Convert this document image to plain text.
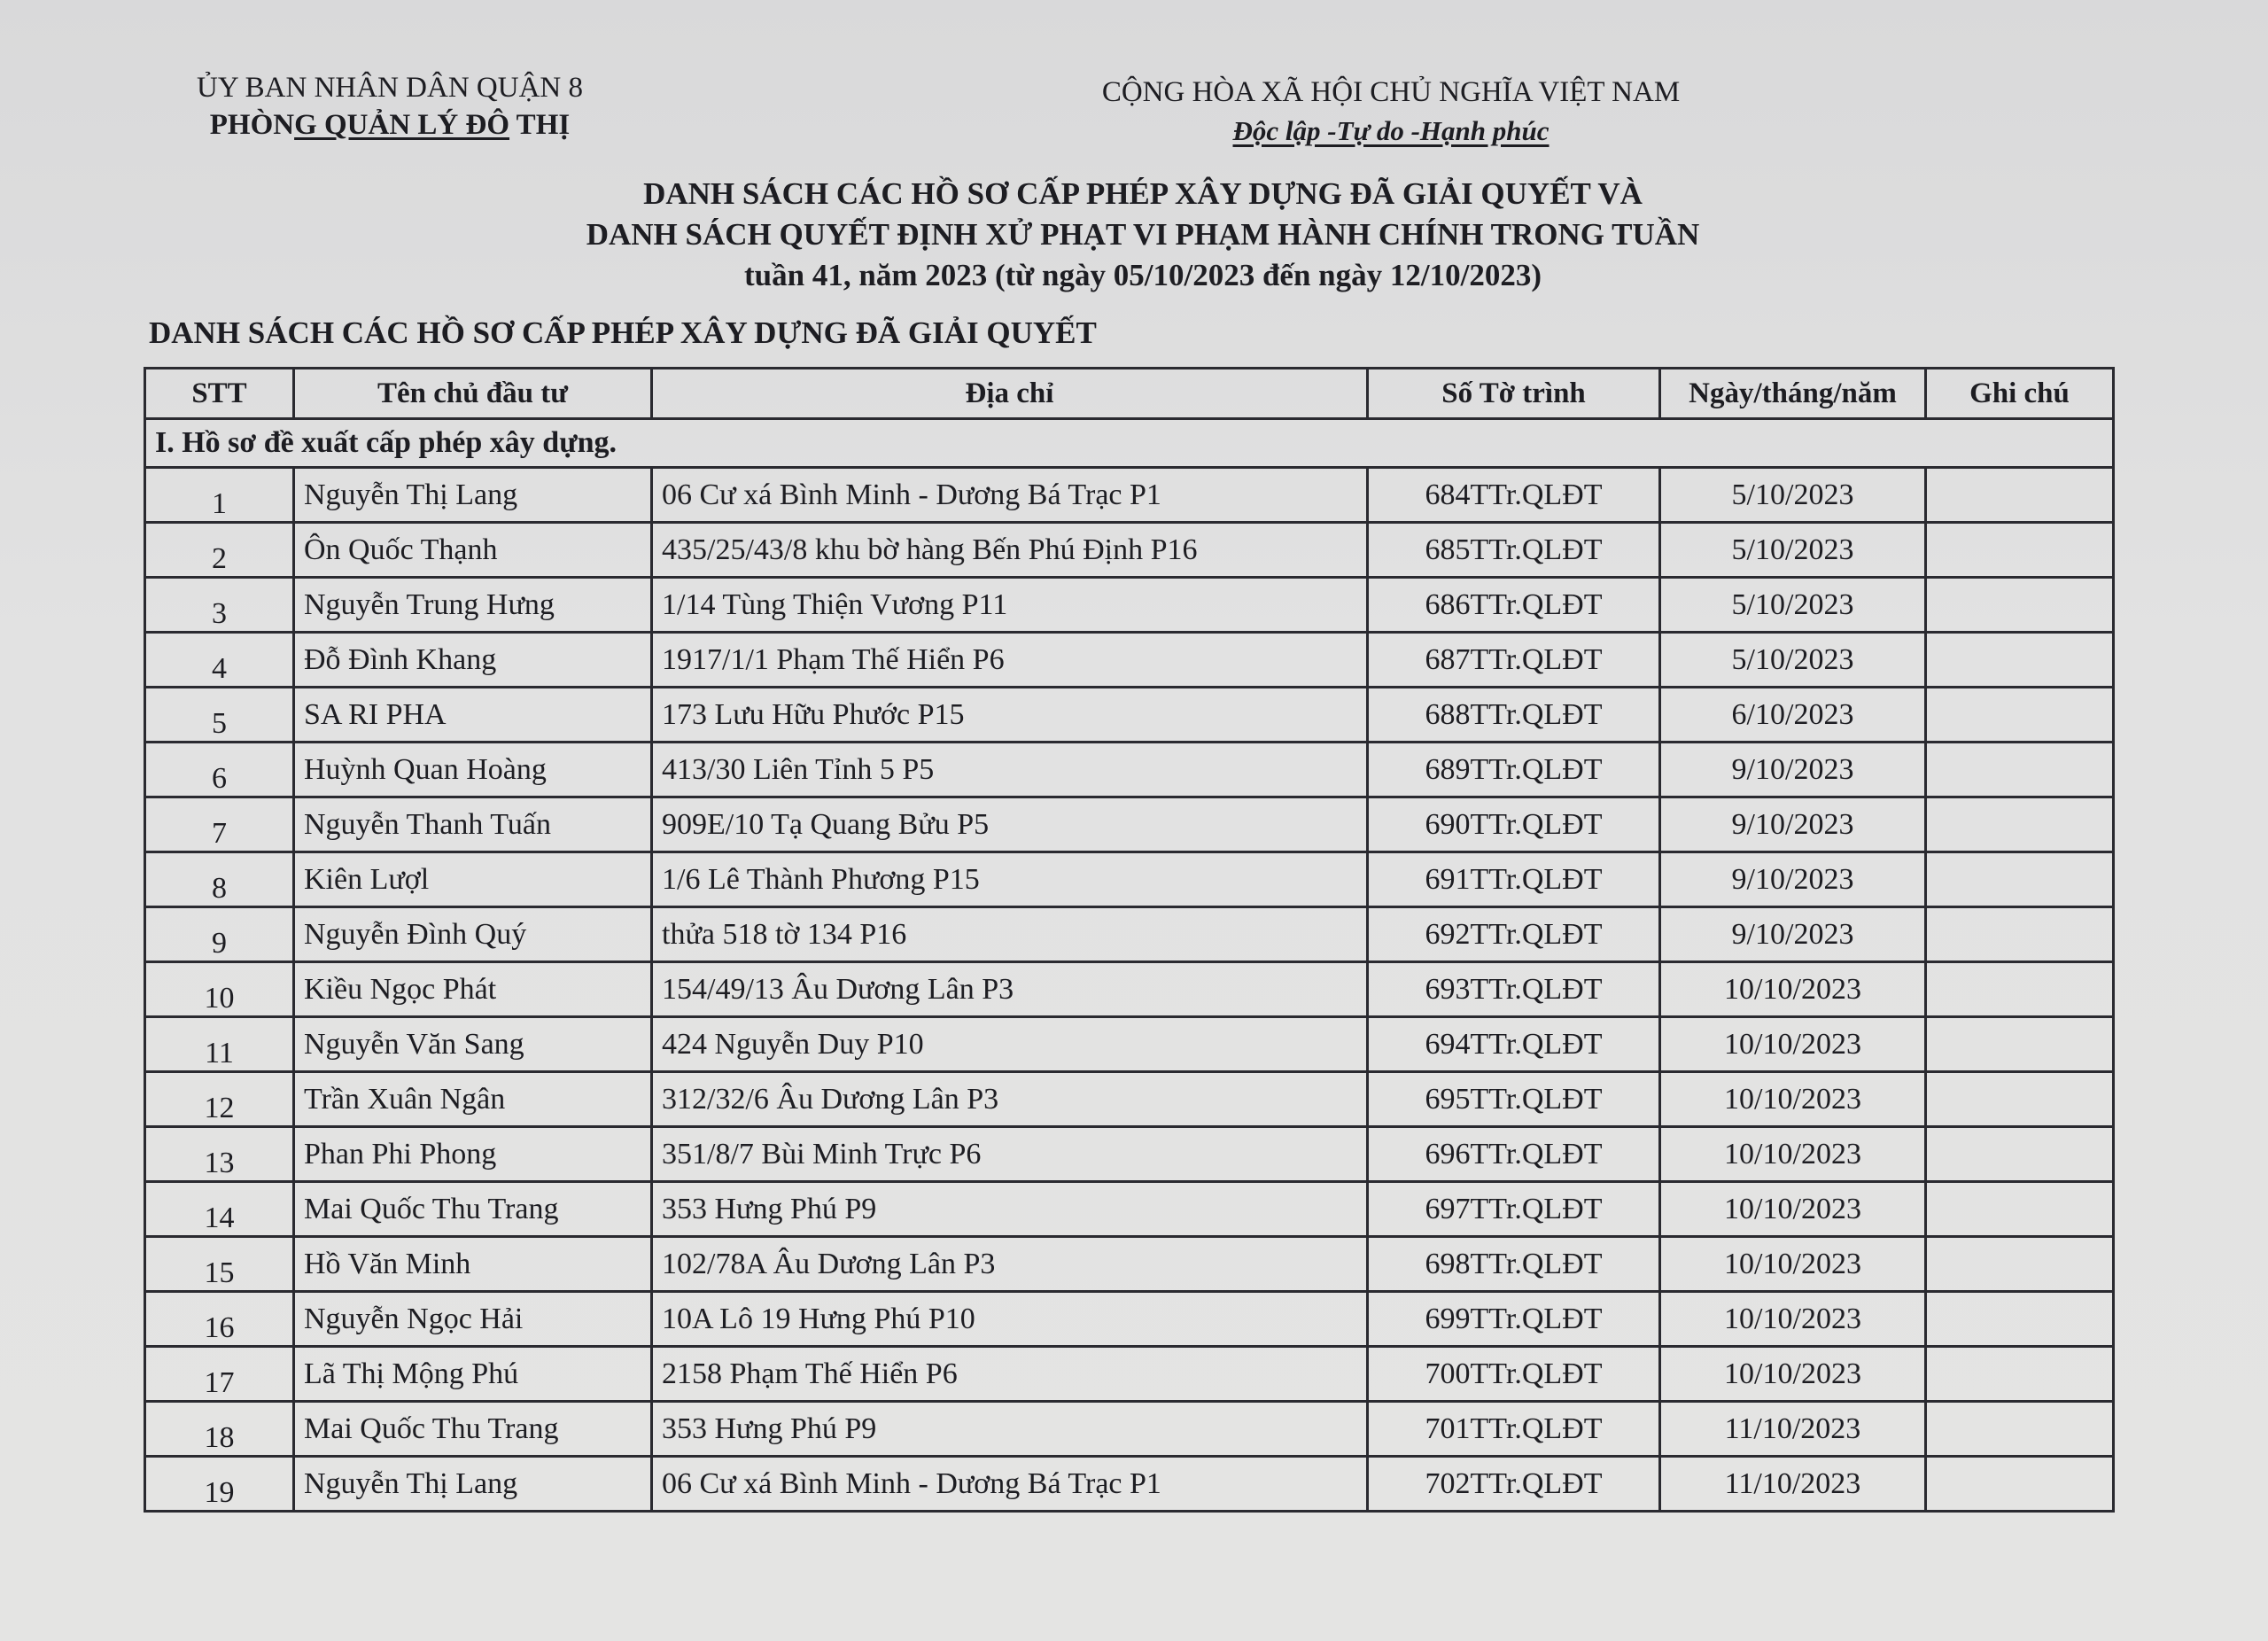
ỦY BAN NHÂN DÂN QUẬN 8
PHÒNG QUẢN LÝ ĐÔ THỊ
CỘNG HÒA XÃ HỘI CHỦ NGHĨA VIỆT NAM
Độc lập -Tự do -Hạnh phúc
DANH SÁCH CÁC HỒ SƠ CẤP PHÉP XÂY DỰNG ĐÃ GIẢI QUYẾT VÀ
DANH SÁCH QUYẾT ĐỊNH XỬ PHẠT VI PHẠM HÀNH CHÍNH TRONG TUẦN
tuần 41, năm 2023 (từ ngày 05/10/2023 đến ngày 12/10/2023)
DANH SÁCH CÁC HỒ SƠ CẤP PHÉP XÂY DỰNG ĐÃ GIẢI QUYẾT
STT	Tên chủ đầu tư	Địa chỉ	Số Tờ trình	Ngày/tháng/năm	Ghi chú
I. Hồ sơ đề xuất cấp phép xây dựng.					
1	Nguyễn Thị Lang	06 Cư xá Bình Minh - Dương Bá Trạc P1	684TTr.QLĐT	5/10/2023	
2	Ôn Quốc Thạnh	435/25/43/8 khu bờ hàng Bến Phú Định P16	685TTr.QLĐT	5/10/2023	
3	Nguyễn Trung Hưng	1/14 Tùng Thiện Vương P11	686TTr.QLĐT	5/10/2023	
4	Đỗ Đình Khang	1917/1/1 Phạm Thế Hiển P6	687TTr.QLĐT	5/10/2023	
5	SA RI PHA	173 Lưu Hữu Phước P15	688TTr.QLĐT	6/10/2023	
6	Huỳnh Quan Hoàng	413/30 Liên Tỉnh 5 P5	689TTr.QLĐT	9/10/2023	
7	Nguyễn Thanh Tuấn	909E/10 Tạ Quang Bửu P5	690TTr.QLĐT	9/10/2023	
8	Kiên Lượl	1/6 Lê Thành Phương P15	691TTr.QLĐT	9/10/2023	
9	Nguyễn Đình Quý	thửa 518 tờ 134 P16	692TTr.QLĐT	9/10/2023	
10	Kiều Ngọc Phát	154/49/13 Âu Dương Lân P3	693TTr.QLĐT	10/10/2023	
11	Nguyễn Văn Sang	424 Nguyễn Duy P10	694TTr.QLĐT	10/10/2023	
12	Trần Xuân Ngân	312/32/6 Âu Dương Lân P3	695TTr.QLĐT	10/10/2023	
13	Phan Phi Phong	351/8/7 Bùi Minh Trực P6	696TTr.QLĐT	10/10/2023	
14	Mai Quốc Thu Trang	353 Hưng Phú P9	697TTr.QLĐT	10/10/2023	
15	Hồ Văn Minh	102/78A Âu Dương Lân P3	698TTr.QLĐT	10/10/2023	
16	Nguyễn Ngọc Hải	10A Lô 19 Hưng Phú P10	699TTr.QLĐT	10/10/2023	
17	Lã Thị Mộng Phú	2158 Phạm Thế Hiển P6	700TTr.QLĐT	10/10/2023	
18	Mai Quốc Thu Trang	353 Hưng Phú P9	701TTr.QLĐT	11/10/2023	
19	Nguyễn Thị Lang	06 Cư xá Bình Minh - Dương Bá Trạc P1	702TTr.QLĐT	11/10/2023	
